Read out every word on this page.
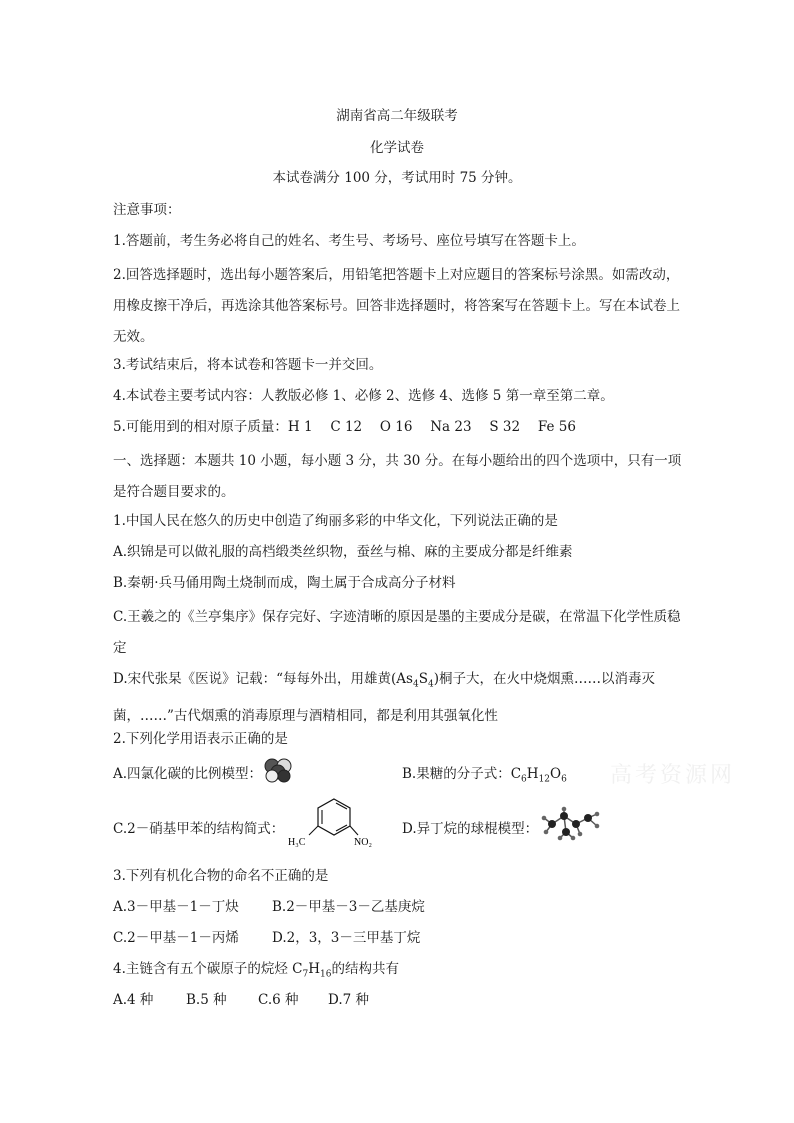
湖南省高二年级联考
化学试卷
本试卷满分 100 分，考试用时 75 分钟。
注意事项：
1.答题前，考生务必将自己的姓名、考生号、考场号、座位号填写在答题卡上。
2.回答选择题时，选出每小题答案后，用铅笔把答题卡上对应题目的答案标号涂黑。如需改动，用橡皮擦干净后，再选涂其他答案标号。回答非选择题时，将答案写在答题卡上。写在本试卷上无效。
3.考试结束后，将本试卷和答题卡一并交回。
4.本试卷主要考试内容：人教版必修 1、必修 2、选修 4、选修 5 第一章至第二章。
5.可能用到的相对原子质量：H 1　 C 12　 O 16　 Na 23　 S 32　 Fe 56
一、选择题：本题共 10 小题，每小题 3 分，共 30 分。在每小题给出的四个选项中，只有一项是符合题目要求的。
1.中国人民在悠久的历史中创造了绚丽多彩的中华文化，下列说法正确的是
A.织锦是可以做礼服的高档缎类丝织物，蚕丝与棉、麻的主要成分都是纤维素
B.秦朝·兵马俑用陶土烧制而成，陶土属于合成高分子材料
C.王羲之的《兰亭集序》保存完好、字迹清晰的原因是墨的主要成分是碳，在常温下化学性质稳定
D.宋代张杲《医说》记载：“每每外出，用雄黄$(As_4S_4)$桐子大，在火中烧烟熏……以消毒灭菌，……”古代烟熏的消毒原理与酒精相同，都是利用其强氧化性
2.下列化学用语表示正确的是
A.四氯化碳的比例模型：	B.果糖的分子式：$C_6H_{12}O_6$
C.2－硝基甲苯的结构简式：
H₃C	NO₂
D.异丁烷的球棍模型：
3.下列有机化合物的命名不正确的是
A.3－甲基－1－丁炔 B.2－甲基－3－乙基庚烷
C.2－甲基－1－丙烯 D.2，3，3－三甲基丁烷
4.主链含有五个碳原子的烷烃 $C_7H_{16}$的结构共有
A.4 种 B.5 种 C.6 种 D.7 种
高考资源网
